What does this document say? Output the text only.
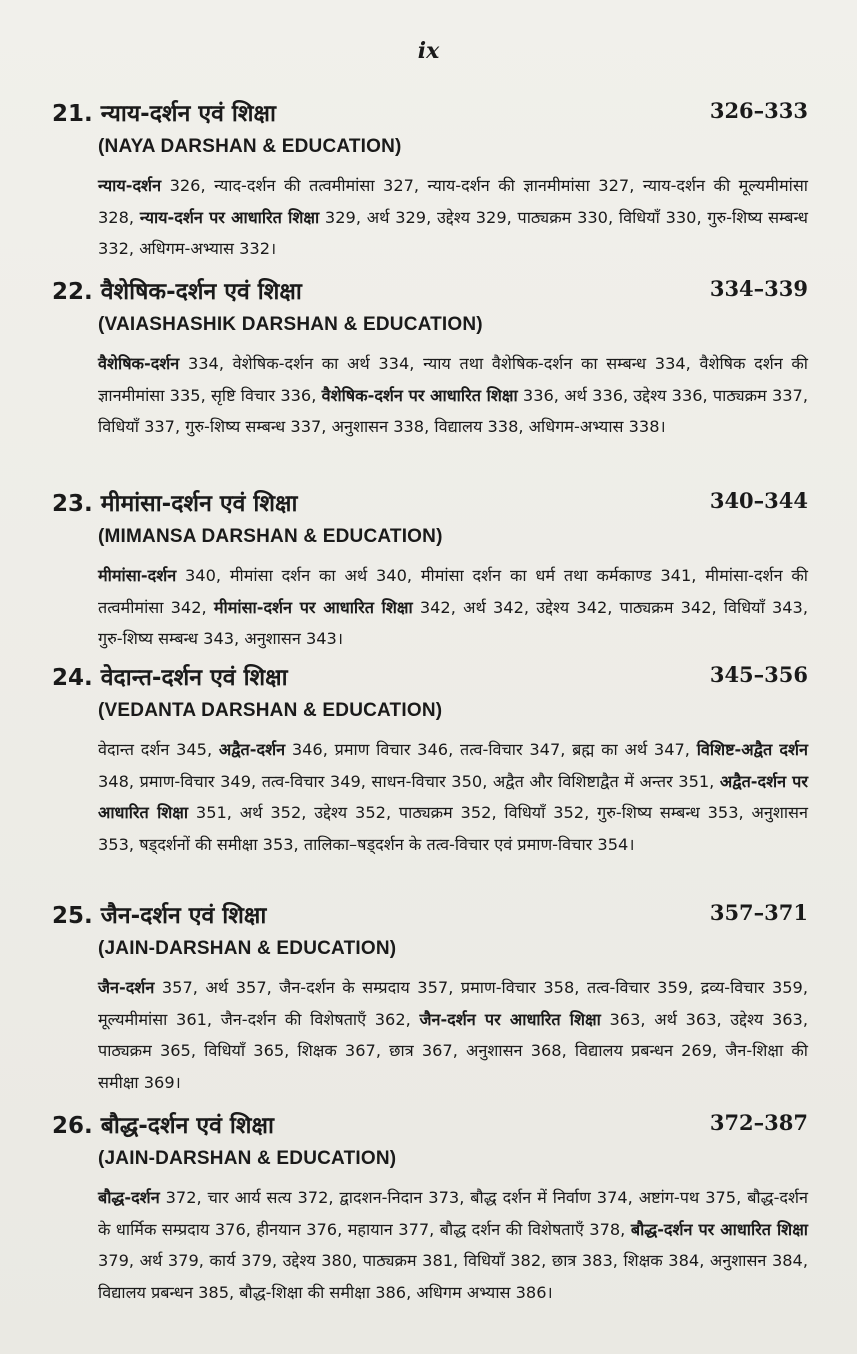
ix
21. न्याय-दर्शन एवं शिक्षा	326–333
(NAYA DARSHAN & EDUCATION)
न्याय-दर्शन 326, न्याद-दर्शन की तत्वमीमांसा 327, न्याय-दर्शन की ज्ञानमीमांसा 327, न्याय-दर्शन की मूल्यमीमांसा 328, न्याय-दर्शन पर आधारित शिक्षा 329, अर्थ 329, उद्देश्य 329, पाठ्यक्रम 330, विधियाँ 330, गुरु-शिष्य सम्बन्ध 332, अधिगम-अभ्यास 332।
22. वैशेषिक-दर्शन एवं शिक्षा	334–339
(VAIASHASHIK DARSHAN & EDUCATION)
वैशेषिक-दर्शन 334, वेशेषिक-दर्शन का अर्थ 334, न्याय तथा वैशेषिक-दर्शन का सम्बन्ध 334, वैशेषिक दर्शन की ज्ञानमीमांसा 335, सृष्टि विचार 336, वैशेषिक-दर्शन पर आधारित शिक्षा 336, अर्थ 336, उद्देश्य 336, पाठ्यक्रम 337, विधियाँ 337, गुरु-शिष्य सम्बन्ध 337, अनुशासन 338, विद्यालय 338, अधिगम-अभ्यास 338।
23. मीमांसा-दर्शन एवं शिक्षा	340–344
(MIMANSA DARSHAN & EDUCATION)
मीमांसा-दर्शन 340, मीमांसा दर्शन का अर्थ 340, मीमांसा दर्शन का धर्म तथा कर्मकाण्ड 341, मीमांसा-दर्शन की तत्वमीमांसा 342, मीमांसा-दर्शन पर आधारित शिक्षा 342, अर्थ 342, उद्देश्य 342, पाठ्यक्रम 342, विधियाँ 343, गुरु-शिष्य सम्बन्ध 343, अनुशासन 343।
24. वेदान्त-दर्शन एवं शिक्षा	345–356
(VEDANTA DARSHAN & EDUCATION)
वेदान्त दर्शन 345, अद्वैत-दर्शन 346, प्रमाण विचार 346, तत्व-विचार 347, ब्रह्म का अर्थ 347, विशिष्ट-अद्वैत दर्शन 348, प्रमाण-विचार 349, तत्व-विचार 349, साधन-विचार 350, अद्वैत और विशिष्टाद्वैत में अन्तर 351, अद्वैत-दर्शन पर आधारित शिक्षा 351, अर्थ 352, उद्देश्य 352, पाठ्यक्रम 352, विधियाँ 352, गुरु-शिष्य सम्बन्ध 353, अनुशासन 353, षड्दर्शनों की समीक्षा 353, तालिका–षड्दर्शन के तत्व-विचार एवं प्रमाण-विचार 354।
25. जैन-दर्शन एवं शिक्षा	357–371
(JAIN-DARSHAN & EDUCATION)
जैन-दर्शन 357, अर्थ 357, जैन-दर्शन के सम्प्रदाय 357, प्रमाण-विचार 358, तत्व-विचार 359, द्रव्य-विचार 359, मूल्यमीमांसा 361, जैन-दर्शन की विशेषताएँ 362, जैन-दर्शन पर आधारित शिक्षा 363, अर्थ 363, उद्देश्य 363, पाठ्यक्रम 365, विधियाँ 365, शिक्षक 367, छात्र 367, अनुशासन 368, विद्यालय प्रबन्धन 269, जैन-शिक्षा की समीक्षा 369।
26. बौद्ध-दर्शन एवं शिक्षा	372–387
(JAIN-DARSHAN & EDUCATION)
बौद्ध-दर्शन 372, चार आर्य सत्य 372, द्वादशन-निदान 373, बौद्ध दर्शन में निर्वाण 374, अष्टांग-पथ 375, बौद्ध-दर्शन के धार्मिक सम्प्रदाय 376, हीनयान 376, महायान 377, बौद्ध दर्शन की विशेषताएँ 378, बौद्ध-दर्शन पर आधारित शिक्षा 379, अर्थ 379, कार्य 379, उद्देश्य 380, पाठ्यक्रम 381, विधियाँ 382, छात्र 383, शिक्षक 384, अनुशासन 384, विद्यालय प्रबन्धन 385, बौद्ध-शिक्षा की समीक्षा 386, अधिगम अभ्यास 386।
